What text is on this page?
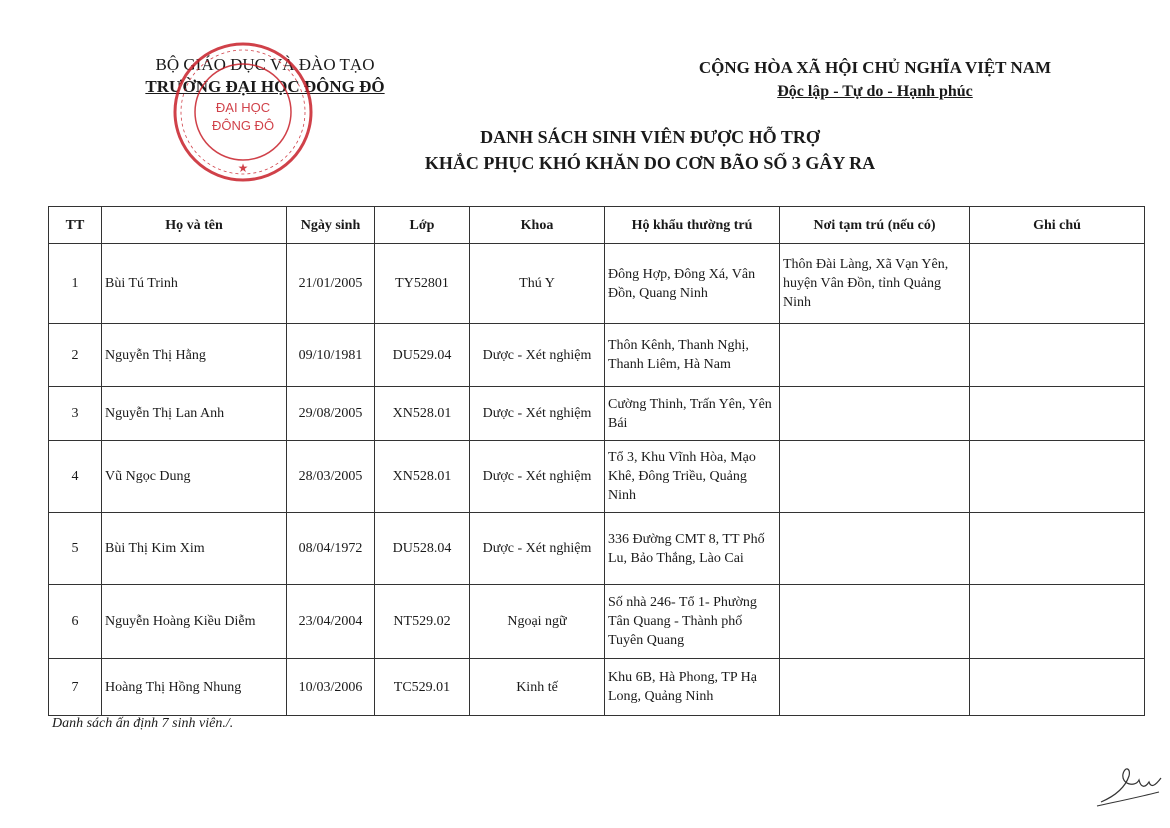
BỘ GIÁO DỤC VÀ ĐÀO TẠO
TRƯỜNG ĐẠI HỌC ĐÔNG ĐÔ
ĐẠI HỌC
ĐÔNG ĐÔ
★
CỘNG HÒA XÃ HỘI CHỦ NGHĨA VIỆT NAM
Độc lập - Tự do - Hạnh phúc
DANH SÁCH SINH VIÊN ĐƯỢC HỖ TRỢ
KHẮC PHỤC KHÓ KHĂN DO CƠN BÃO SỐ 3 GÂY RA
TT	Họ và tên	Ngày sinh	Lớp	Khoa	Hộ khẩu thường trú	Nơi tạm trú (nếu có)	Ghi chú
1	Bùi Tú Trinh	21/01/2005	TY52801	Thú Y	Đông Hợp, Đông Xá, Vân Đồn, Quang Ninh	Thôn Đài Làng, Xã Vạn Yên, huyện Vân Đồn, tỉnh Quảng Ninh	
2	Nguyễn Thị Hằng	09/10/1981	DU529.04	Dược - Xét nghiệm	Thôn Kênh, Thanh Nghị, Thanh Liêm, Hà Nam		
3	Nguyễn Thị Lan Anh	29/08/2005	XN528.01	Dược - Xét nghiệm	Cường Thinh, Trấn Yên, Yên Bái		
4	Vũ Ngọc Dung	28/03/2005	XN528.01	Dược - Xét nghiệm	Tổ 3, Khu Vĩnh Hòa, Mạo Khê, Đông Triều, Quảng Ninh		
5	Bùi Thị Kim Xim	08/04/1972	DU528.04	Dược - Xét nghiệm	336 Đường CMT 8, TT Phố Lu, Bảo Thắng, Lào Cai		
6	Nguyễn Hoàng Kiều Diễm	23/04/2004	NT529.02	Ngoại ngữ	Số nhà 246- Tổ 1- Phường Tân Quang - Thành phố Tuyên Quang		
7	Hoàng Thị Hồng Nhung	10/03/2006	TC529.01	Kinh tế	Khu 6B, Hà Phong, TP Hạ Long, Quảng Ninh		
Danh sách ấn định 7 sinh viên./.
